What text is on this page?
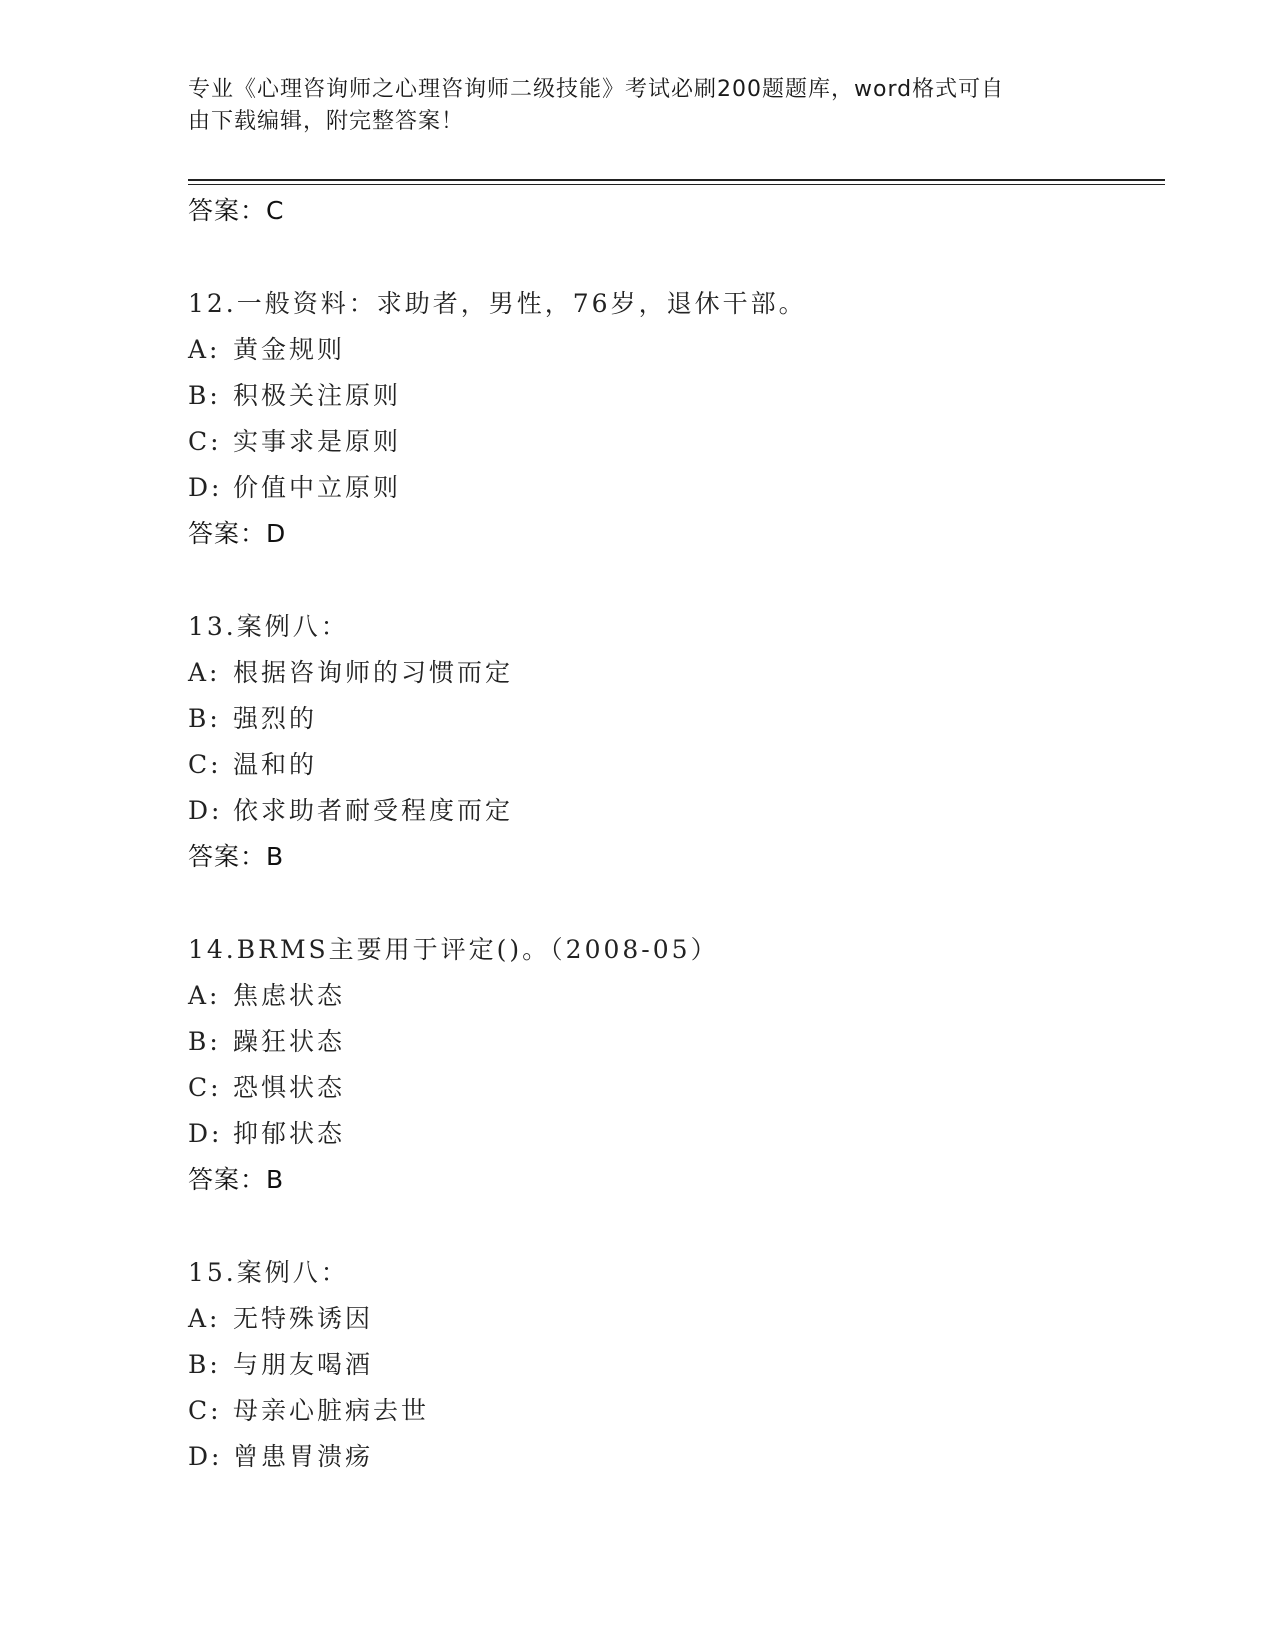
专业《心理咨询师之心理咨询师二级技能》考试必刷200题题库，word格式可自
由下载编辑，附完整答案！
答案：C
12.一般资料：求助者，男性，76岁，退休干部。
A: 黄金规则
B: 积极关注原则
C: 实事求是原则
D: 价值中立原则
答案：D
13.案例八：
A: 根据咨询师的习惯而定
B: 强烈的
C: 温和的
D: 依求助者耐受程度而定
答案：B
14.BRMS主要用于评定()。（2008-05）
A: 焦虑状态
B: 躁狂状态
C: 恐惧状态
D: 抑郁状态
答案：B
15.案例八：
A: 无特殊诱因
B: 与朋友喝酒
C: 母亲心脏病去世
D: 曾患胃溃疡
